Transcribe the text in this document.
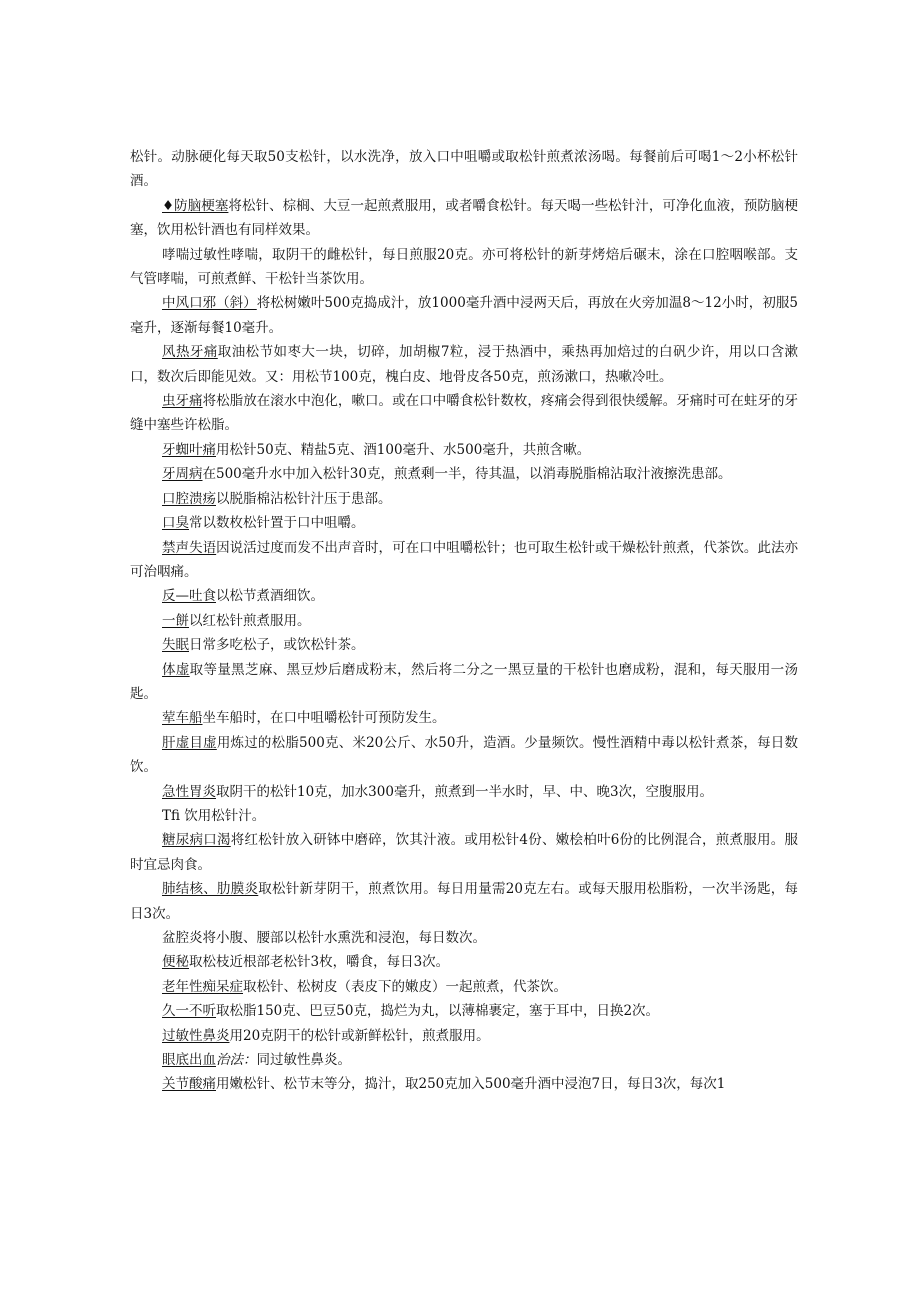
松针。动脉硬化每天取50支松针，以水洗净，放入口中咀嚼或取松针煎煮浓汤喝。每餐前后可喝1～2小杯松针酒。

♦防脑梗塞将松针、棕榈、大豆一起煎煮服用，或者嚼食松针。每天喝一些松针汁，可净化血液，预防脑梗塞，饮用松针酒也有同样效果。

哮喘过敏性哮喘，取阴干的雌松针，每日煎服20克。亦可将松针的新芽烤焙后碾末，涂在口腔咽喉部。支气管哮喘，可煎煮鲜、干松针当茶饮用。

中风口邪（斜）将松树嫩叶500克捣成汁，放1000毫升酒中浸两天后，再放在火旁加温8～12小时，初服5毫升，逐渐每餐10毫升。

风热牙痛取油松节如枣大一块，切碎，加胡椒7粒，浸于热酒中，乘热再加焙过的白矾少许，用以口含漱口，数次后即能见效。又：用松节100克，槐白皮、地骨皮各50克，煎汤漱口，热嗽冷吐。

虫牙痛将松脂放在滚水中泡化，嗽口。或在口中嚼食松针数枚，疼痛会得到很快缓解。牙痛时可在蛀牙的牙缝中塞些许松脂。

牙蜘叶痛用松针50克、精盐5克、酒100毫升、水500毫升，共煎含嗽。

牙周病在500毫升水中加入松针30克，煎煮剩一半，待其温，以消毒脱脂棉沾取汁液擦洗患部。

口腔溃疡以脱脂棉沾松针汁压于患部。

口臭常以数枚松针置于口中咀嚼。

禁声失语因说活过度而发不出声音时，可在口中咀嚼松针；也可取生松针或干燥松针煎煮，代茶饮。此法亦可治咽痛。

反—吐食以松节煮酒细饮。

一餅以红松针煎煮服用。

失眠日常多吃松子，或饮松针茶。

体虚取等量黑芝麻、黑豆炒后磨成粉末，然后将二分之一黑豆量的干松针也磨成粉，混和，每天服用一汤匙。

荤车船坐车船时，在口中咀嚼松针可预防发生。

肝虚目虚用炼过的松脂500克、米20公斤、水50升，造酒。少量频饮。慢性酒精中毒以松针煮茶，每日数饮。

急性胃炎取阴干的松针10克，加水300毫升，煎煮到一半水时，早、中、晚3次，空腹服用。

Tfi 饮用松针汁。

糖尿病口渴将红松针放入研钵中磨碎，饮其汁液。或用松针4份、嫩桧柏叶6份的比例混合，煎煮服用。服时宜忌肉食。

肺结核、肋膜炎取松针新芽阴干，煎煮饮用。每日用量需20克左右。或每天服用松脂粉，一次半汤匙，每日3次。

盆腔炎将小腹、腰部以松针水熏洗和浸泡，每日数次。

便秘取松枝近根部老松针3枚，嚼食，每日3次。

老年性痴呆症取松针、松树皮（表皮下的嫩皮）一起煎煮，代茶饮。

久一不听取松脂150克、巴豆50克，捣烂为丸，以薄棉裹定，塞于耳中，日换2次。

过敏性鼻炎用20克阴干的松针或新鲜松针，煎煮服用。

眼底出血治法：同过敏性鼻炎。

关节酸痛用嫩松针、松节末等分，捣汁，取250克加入500毫升酒中浸泡7日，每日3次，每次1
